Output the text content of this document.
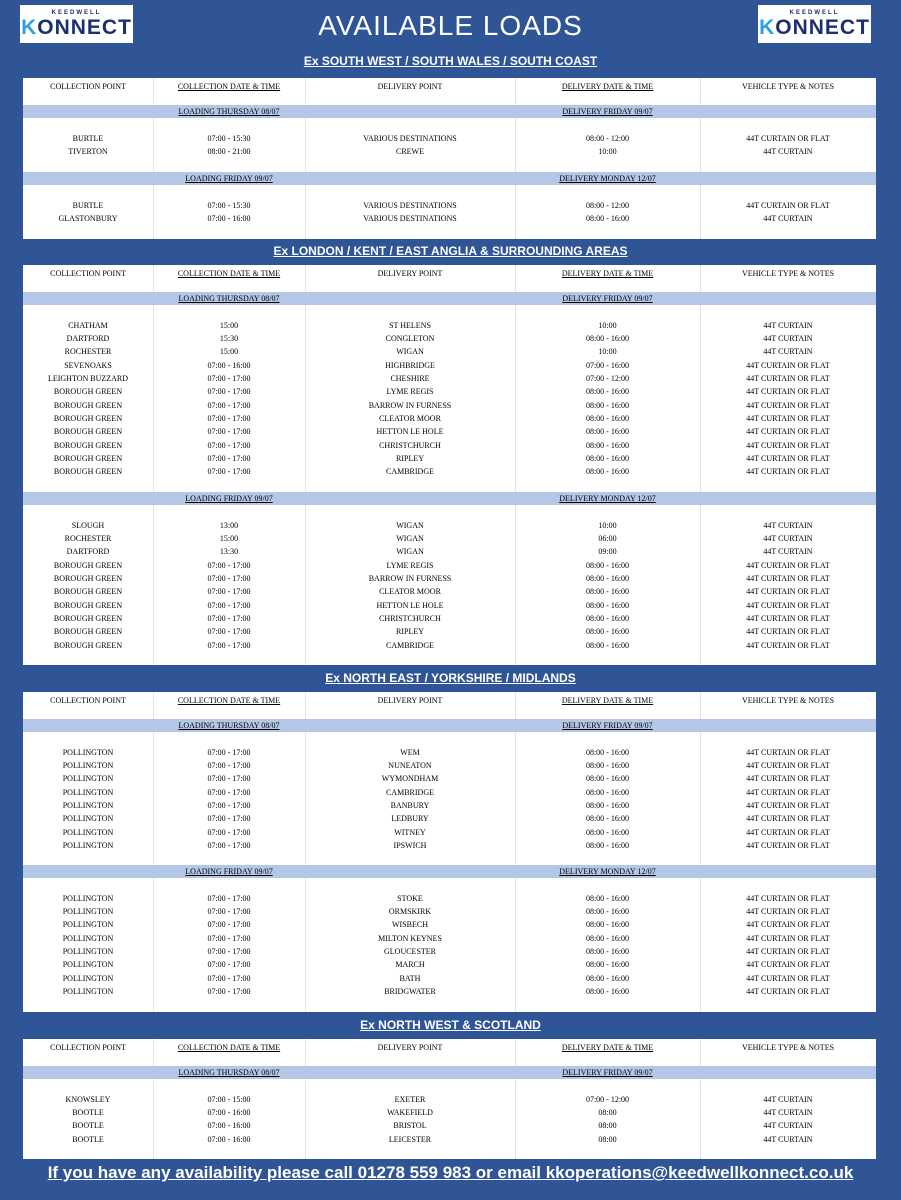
KEEDWELL
KONNECT	AVAILABLE LOADS	KEEDWELL
KONNECT
Ex SOUTH WEST / SOUTH WALES / SOUTH COAST
COLLECTION POINT	COLLECTION DATE & TIME	DELIVERY POINT	DELIVERY DATE & TIME	VEHICLE TYPE & NOTES
LOADING THURSDAY 08/07	DELIVERY FRIDAY 09/07
BURTLE	07:00 - 15:30	VARIOUS DESTINATIONS	08:00 - 12:00	44T CURTAIN OR FLAT
TIVERTON	08:00 - 21:00	CREWE	10:00	44T CURTAIN
LOADING FRIDAY 09/07	DELIVERY MONDAY 12/07
BURTLE	07:00 - 15:30	VARIOUS DESTINATIONS	08:00 - 12:00	44T CURTAIN OR FLAT
GLASTONBURY	07:00 - 16:00	VARIOUS DESTINATIONS	08:00 - 16:00	44T CURTAIN
Ex LONDON / KENT / EAST ANGLIA & SURROUNDING AREAS
COLLECTION POINT	COLLECTION DATE & TIME	DELIVERY POINT	DELIVERY DATE & TIME	VEHICLE TYPE & NOTES
LOADING THURSDAY 08/07	DELIVERY FRIDAY 09/07
CHATHAM	15:00	ST HELENS	10:00	44T CURTAIN
DARTFORD	15:30	CONGLETON	08:00 - 16:00	44T CURTAIN
ROCHESTER	15:00	WIGAN	10:00	44T CURTAIN
SEVENOAKS	07:00 - 16:00	HIGHBRIDGE	07:00 - 16:00	44T CURTAIN OR FLAT
LEIGHTON BUZZARD	07:00 - 17:00	CHESHIRE	07:00 - 12:00	44T CURTAIN OR FLAT
BOROUGH GREEN	07:00 - 17:00	LYME REGIS	08:00 - 16:00	44T CURTAIN OR FLAT
BOROUGH GREEN	07:00 - 17:00	BARROW IN FURNESS	08:00 - 16:00	44T CURTAIN OR FLAT
BOROUGH GREEN	07:00 - 17:00	CLEATOR MOOR	08:00 - 16:00	44T CURTAIN OR FLAT
BOROUGH GREEN	07:00 - 17:00	HETTON LE HOLE	08:00 - 16:00	44T CURTAIN OR FLAT
BOROUGH GREEN	07:00 - 17:00	CHRISTCHURCH	08:00 - 16:00	44T CURTAIN OR FLAT
BOROUGH GREEN	07:00 - 17:00	RIPLEY	08:00 - 16:00	44T CURTAIN OR FLAT
BOROUGH GREEN	07:00 - 17:00	CAMBRIDGE	08:00 - 16:00	44T CURTAIN OR FLAT
LOADING FRIDAY 09/07	DELIVERY MONDAY 12/07
SLOUGH	13:00	WIGAN	10:00	44T CURTAIN
ROCHESTER	15:00	WIGAN	06:00	44T CURTAIN
DARTFORD	13:30	WIGAN	09:00	44T CURTAIN
BOROUGH GREEN	07:00 - 17:00	LYME REGIS	08:00 - 16:00	44T CURTAIN OR FLAT
BOROUGH GREEN	07:00 - 17:00	BARROW IN FURNESS	08:00 - 16:00	44T CURTAIN OR FLAT
BOROUGH GREEN	07:00 - 17:00	CLEATOR MOOR	08:00 - 16:00	44T CURTAIN OR FLAT
BOROUGH GREEN	07:00 - 17:00	HETTON LE HOLE	08:00 - 16:00	44T CURTAIN OR FLAT
BOROUGH GREEN	07:00 - 17:00	CHRISTCHURCH	08:00 - 16:00	44T CURTAIN OR FLAT
BOROUGH GREEN	07:00 - 17:00	RIPLEY	08:00 - 16:00	44T CURTAIN OR FLAT
BOROUGH GREEN	07:00 - 17:00	CAMBRIDGE	08:00 - 16:00	44T CURTAIN OR FLAT
Ex NORTH EAST / YORKSHIRE / MIDLANDS
COLLECTION POINT	COLLECTION DATE & TIME	DELIVERY POINT	DELIVERY DATE & TIME	VEHICLE TYPE & NOTES
LOADING THURSDAY 08/07	DELIVERY FRIDAY 09/07
POLLINGTON	07:00 - 17:00	WEM	08:00 - 16:00	44T CURTAIN OR FLAT
POLLINGTON	07:00 - 17:00	NUNEATON	08:00 - 16:00	44T CURTAIN OR FLAT
POLLINGTON	07:00 - 17:00	WYMONDHAM	08:00 - 16:00	44T CURTAIN OR FLAT
POLLINGTON	07:00 - 17:00	CAMBRIDGE	08:00 - 16:00	44T CURTAIN OR FLAT
POLLINGTON	07:00 - 17:00	BANBURY	08:00 - 16:00	44T CURTAIN OR FLAT
POLLINGTON	07:00 - 17:00	LEDBURY	08:00 - 16:00	44T CURTAIN OR FLAT
POLLINGTON	07:00 - 17:00	WITNEY	08:00 - 16:00	44T CURTAIN OR FLAT
POLLINGTON	07:00 - 17:00	IPSWICH	08:00 - 16:00	44T CURTAIN OR FLAT
LOADING FRIDAY 09/07	DELIVERY MONDAY 12/07
POLLINGTON	07:00 - 17:00	STOKE	08:00 - 16:00	44T CURTAIN OR FLAT
POLLINGTON	07:00 - 17:00	ORMSKIRK	08:00 - 16:00	44T CURTAIN OR FLAT
POLLINGTON	07:00 - 17:00	WISBECH	08:00 - 16:00	44T CURTAIN OR FLAT
POLLINGTON	07:00 - 17:00	MILTON KEYNES	08:00 - 16:00	44T CURTAIN OR FLAT
POLLINGTON	07:00 - 17:00	GLOUCESTER	08:00 - 16:00	44T CURTAIN OR FLAT
POLLINGTON	07:00 - 17:00	MARCH	08:00 - 16:00	44T CURTAIN OR FLAT
POLLINGTON	07:00 - 17:00	BATH	08:00 - 16:00	44T CURTAIN OR FLAT
POLLINGTON	07:00 - 17:00	BRIDGWATER	08:00 - 16:00	44T CURTAIN OR FLAT
Ex NORTH WEST & SCOTLAND
COLLECTION POINT	COLLECTION DATE & TIME	DELIVERY POINT	DELIVERY DATE & TIME	VEHICLE TYPE & NOTES
LOADING THURSDAY 08/07	DELIVERY FRIDAY 09/07
KNOWSLEY	07:00 - 15:00	EXETER	07:00 - 12:00	44T CURTAIN
BOOTLE	07:00 - 16:00	WAKEFIELD	08:00	44T CURTAIN
BOOTLE	07:00 - 16:00	BRISTOL	08:00	44T CURTAIN
BOOTLE	07:00 - 16:00	LEICESTER	08:00	44T CURTAIN
If you have any availability please call 01278 559 983 or email kkoperations@keedwellkonnect.co.uk
